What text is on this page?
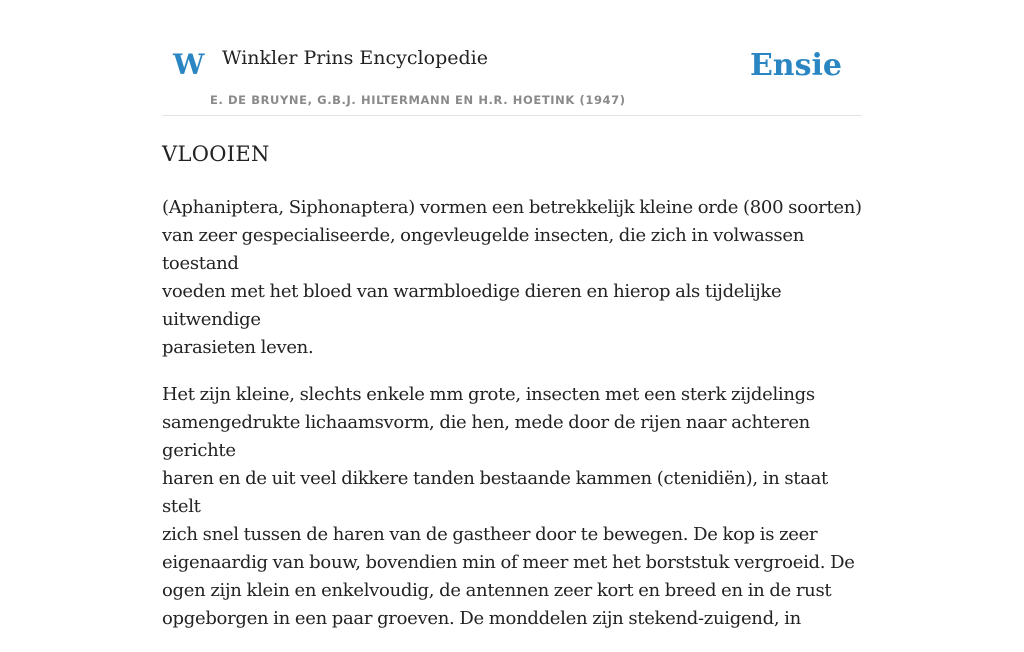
W Winkler Prins Encyclopedie
E. DE BRUYNE, G.B.J. HILTERMANN EN H.R. HOETINK (1947)
Ensie
VLOOIEN

(Aphaniptera, Siphonaptera) vormen een betrekkelijk kleine orde (800 soorten)
van zeer gespecialiseerde, ongevleugelde insecten, die zich in volwassen toestand
voeden met het bloed van warmbloedige dieren en hierop als tijdelijke uitwendige
parasieten leven.

Het zijn kleine, slechts enkele mm grote, insecten met een sterk zijdelings
samengedrukte lichaamsvorm, die hen, mede door de rijen naar achteren gerichte
haren en de uit veel dikkere tanden bestaande kammen (ctenidiën), in staat stelt
zich snel tussen de haren van de gastheer door te bewegen. De kop is zeer
eigenaardig van bouw, bovendien min of meer met het borststuk vergroeid. De
ogen zijn klein en enkelvoudig, de antennen zeer kort en breed en in de rust
opgeborgen in een paar groeven. De monddelen zijn stekend-zuigend, in
